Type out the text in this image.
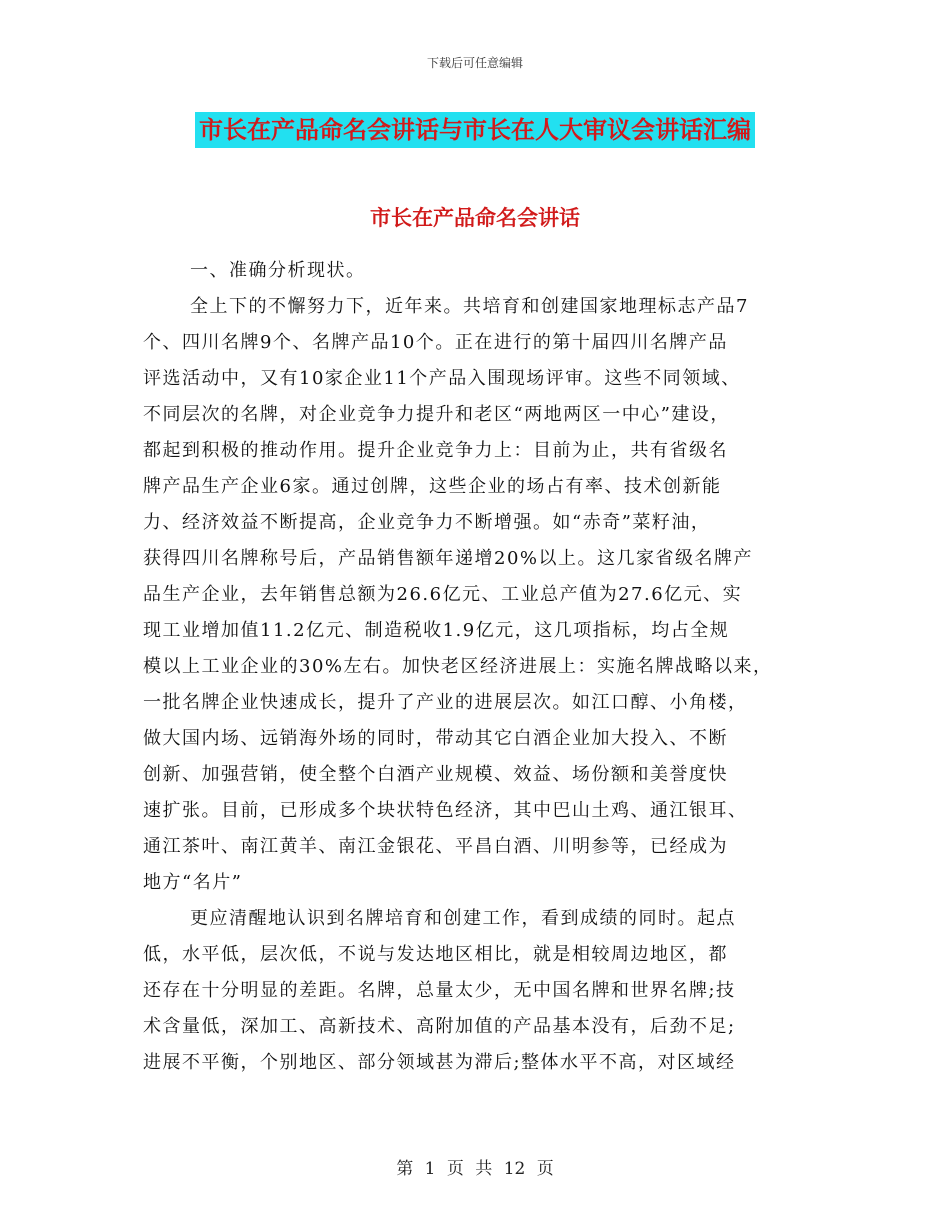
下载后可任意编辑
市长在产品命名会讲话与市长在人大审议会讲话汇编
市长在产品命名会讲话
一、准确分析现状。
全上下的不懈努力下，近年来。共培育和创建国家地理标志产品7
个、四川名牌9个、名牌产品10个。正在进行的第十届四川名牌产品
评选活动中，又有10家企业11个产品入围现场评审。这些不同领域、
不同层次的名牌，对企业竞争力提升和老区“两地两区一中心”建设，
都起到积极的推动作用。提升企业竞争力上：目前为止，共有省级名
牌产品生产企业6家。通过创牌，这些企业的场占有率、技术创新能
力、经济效益不断提高，企业竞争力不断增强。如“赤奇”菜籽油，
获得四川名牌称号后，产品销售额年递增20%以上。这几家省级名牌产
品生产企业，去年销售总额为26.6亿元、工业总产值为27.6亿元、实
现工业增加值11.2亿元、制造税收1.9亿元，这几项指标，均占全规
模以上工业企业的30%左右。加快老区经济进展上：实施名牌战略以来，
一批名牌企业快速成长，提升了产业的进展层次。如江口醇、小角楼，
做大国内场、远销海外场的同时，带动其它白酒企业加大投入、不断
创新、加强营销，使全整个白酒产业规模、效益、场份额和美誉度快
速扩张。目前，已形成多个块状特色经济，其中巴山土鸡、通江银耳、
通江茶叶、南江黄羊、南江金银花、平昌白酒、川明参等，已经成为
地方“名片”
更应清醒地认识到名牌培育和创建工作，看到成绩的同时。起点
低，水平低，层次低，不说与发达地区相比，就是相较周边地区，都
还存在十分明显的差距。名牌，总量太少，无中国名牌和世界名牌;技
术含量低，深加工、高新技术、高附加值的产品基本没有，后劲不足;
进展不平衡，个别地区、部分领域甚为滞后;整体水平不高，对区域经
第 1 页 共 12 页
